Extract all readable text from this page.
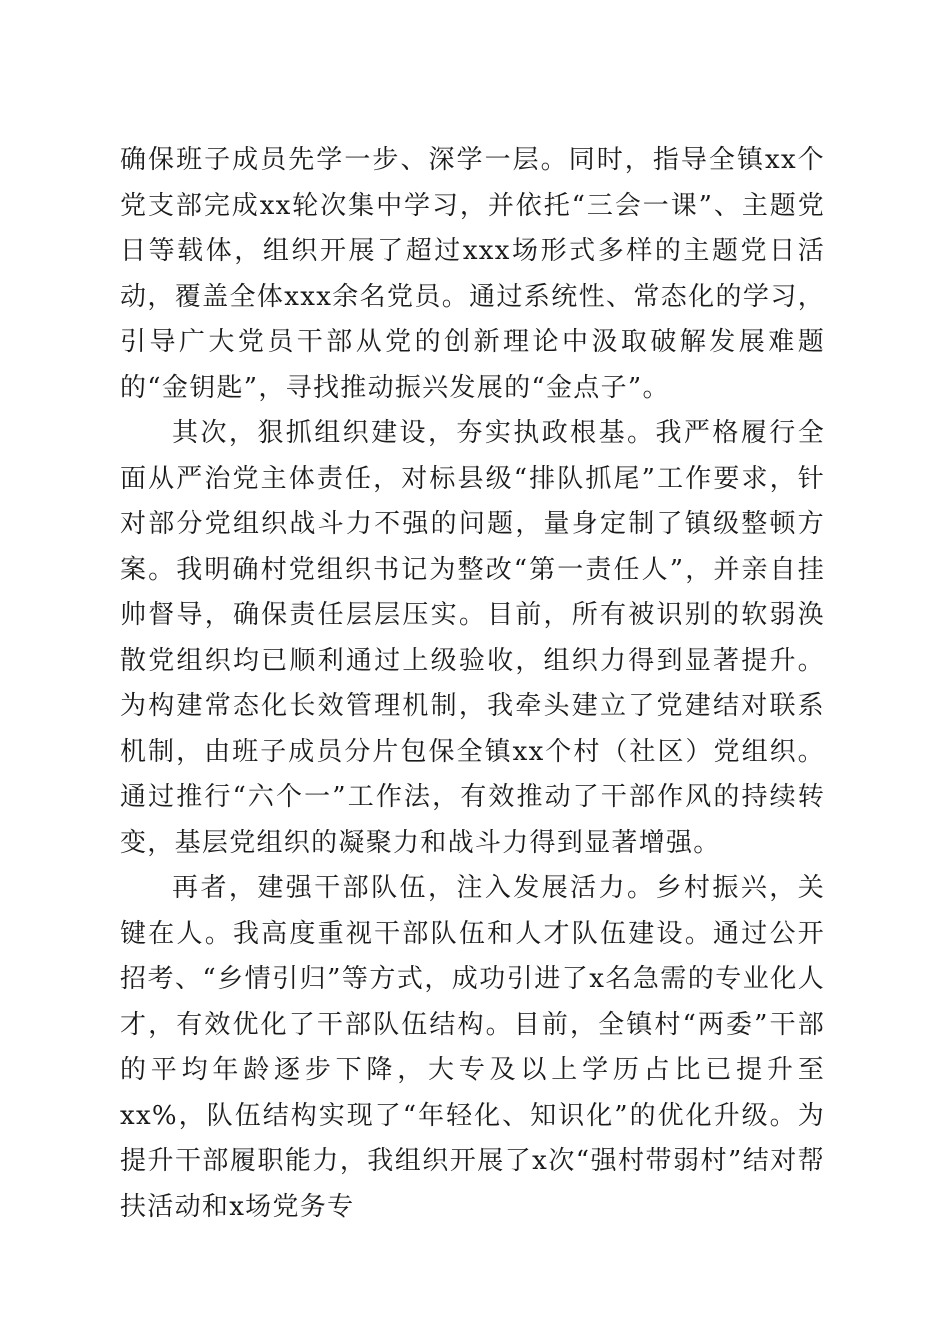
确保班子成员先学一步、深学一层。同时，指导全镇xx个党支部完成xx轮次集中学习，并依托“三会一课”、主题党日等载体，组织开展了超过xxx场形式多样的主题党日活动，覆盖全体xxx余名党员。通过系统性、常态化的学习，引导广大党员干部从党的创新理论中汲取破解发展难题的“金钥匙”，寻找推动振兴发展的“金点子”。

其次，狠抓组织建设，夯实执政根基。我严格履行全面从严治党主体责任，对标县级“排队抓尾”工作要求，针对部分党组织战斗力不强的问题，量身定制了镇级整顿方案。我明确村党组织书记为整改“第一责任人”，并亲自挂帅督导，确保责任层层压实。目前，所有被识别的软弱涣散党组织均已顺利通过上级验收，组织力得到显著提升。为构建常态化长效管理机制，我牵头建立了党建结对联系机制，由班子成员分片包保全镇xx个村（社区）党组织。通过推行“六个一”工作法，有效推动了干部作风的持续转变，基层党组织的凝聚力和战斗力得到显著增强。

再者，建强干部队伍，注入发展活力。乡村振兴，关键在人。我高度重视干部队伍和人才队伍建设。通过公开招考、“乡情引归”等方式，成功引进了x名急需的专业化人才，有效优化了干部队伍结构。目前，全镇村“两委”干部的平均年龄逐步下降，大专及以上学历占比已提升至xx%，队伍结构实现了“年轻化、知识化”的优化升级。为提升干部履职能力，我组织开展了x次“强村带弱村”结对帮扶活动和x场党务专
